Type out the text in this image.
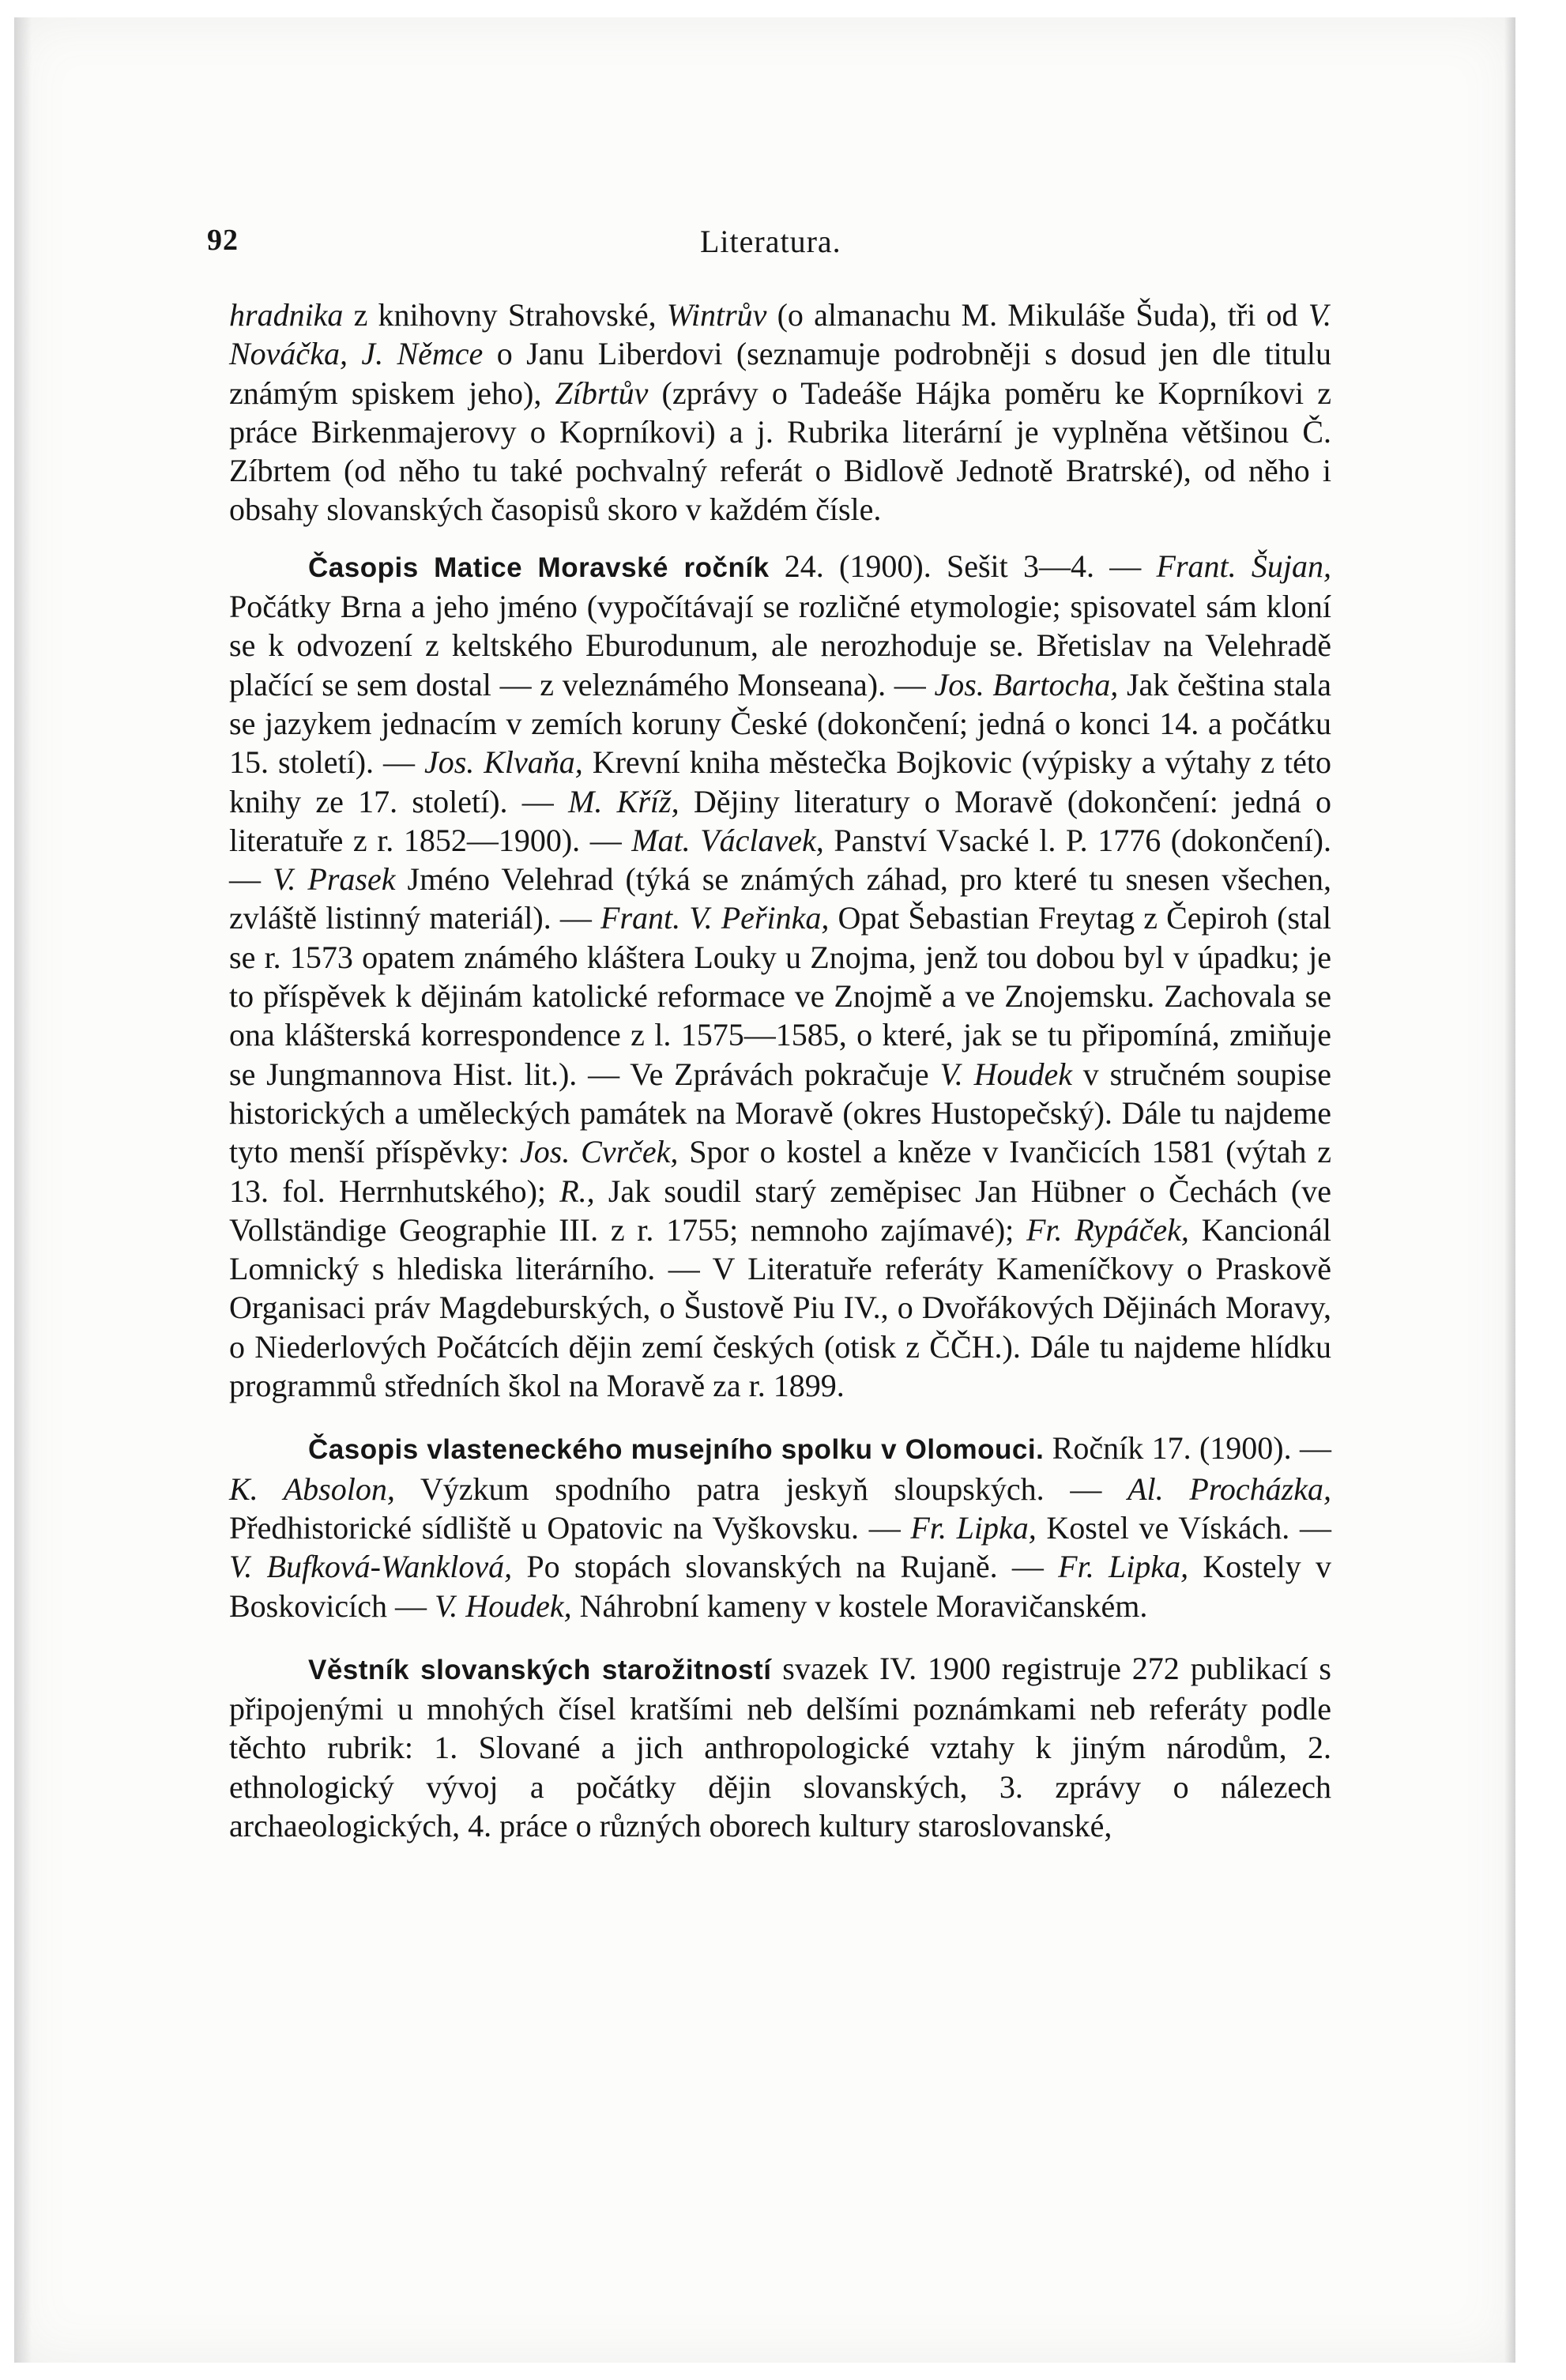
92	Literatura.

hradnika z knihovny Strahovské, Wintrův (o almanachu M. Mikuláše Šuda), tři od V. Nováčka, J. Němce o Janu Liberdovi (seznamuje podrobněji s dosud jen dle titulu známým spiskem jeho), Zíbrtův (zprávy o Tadeáše Hájka poměru ke Koprníkovi z práce Birkenmajerovy o Koprníkovi) a j. Rubrika literární je vyplněna většinou Č. Zíbrtem (od něho tu také pochvalný referát o Bidlově Jednotě Bratrské), od něho i obsahy slovanských časopisů skoro v každém čísle.

Časopis Matice Moravské ročník 24. (1900). Sešit 3—4. — Frant. Šujan, Počátky Brna a jeho jméno (vypočítávají se rozličné etymologie; spisovatel sám kloní se k odvození z keltského Eburodunum, ale nerozhoduje se. Břetislav na Velehradě plačící se sem dostal — z veleznámého Monseana). — Jos. Bartocha, Jak čeština stala se jazykem jednacím v zemích koruny České (dokončení; jedná o konci 14. a počátku 15. století). — Jos. Klvaňa, Krevní kniha městečka Bojkovic (výpisky a výtahy z této knihy ze 17. století). — M. Kříž, Dějiny literatury o Moravě (dokončení: jedná o literatuře z r. 1852—1900). — Mat. Václavek, Panství Vsacké l. P. 1776 (dokončení).— V. Prasek Jméno Velehrad (týká se známých záhad, pro které tu snesen všechen, zvláště listinný materiál). — Frant. V. Peřinka, Opat Šebastian Freytag z Čepiroh (stal se r. 1573 opatem známého kláštera Louky u Znojma, jenž tou dobou byl v úpadku; je to příspěvek k dějinám katolické reformace ve Znojmě a ve Znojemsku. Zachovala se ona klášterská korrespondence z l. 1575—1585, o které, jak se tu připomíná, zmiňuje se Jungmannova Hist. lit.). — Ve Zprávách pokračuje V. Houdek v stručném soupise historických a uměleckých památek na Moravě (okres Hustopečský). Dále tu najdeme tyto menší příspěvky: Jos. Cvrček, Spor o kostel a kněze v Ivančicích 1581 (výtah z 13. fol. Herrnhutského); R., Jak soudil starý zeměpisec Jan Hübner o Čechách (ve Vollständige Geographie III. z r. 1755; nemnoho zajímavé); Fr. Rypáček, Kancionál Lomnický s hlediska literárního. — V Literatuře referáty Kameníčkovy o Praskově Organisaci práv Magdeburských, o Šustově Piu IV., o Dvořákových Dějinách Moravy, o Niederlových Počátcích dějin zemí českých (otisk z ČČH.). Dále tu najdeme hlídku programmů středních škol na Moravě za r. 1899.

Časopis vlasteneckého musejního spolku v Olomouci. Ročník 17. (1900). — K. Absolon, Výzkum spodního patra jeskyň sloupských. — Al. Procházka, Předhistorické sídliště u Opatovic na Vyškovsku. — Fr. Lipka, Kostel ve Vískách. — V. Bufková-Wanklová, Po stopách slovanských na Rujaně. — Fr. Lipka, Kostely v Boskovicích — V. Houdek, Náhrobní kameny v kostele Moravičanském.

Věstník slovanských starožitností svazek IV. 1900 registruje 272 publikací s připojenými u mnohých čísel kratšími neb delšími poznámkami neb referáty podle těchto rubrik: 1. Slované a jich anthropologické vztahy k jiným národům, 2. ethnologický vývoj a počátky dějin slovanských, 3. zprávy o nálezech archaeologických, 4. práce o různých oborech kultury staroslovanské,
